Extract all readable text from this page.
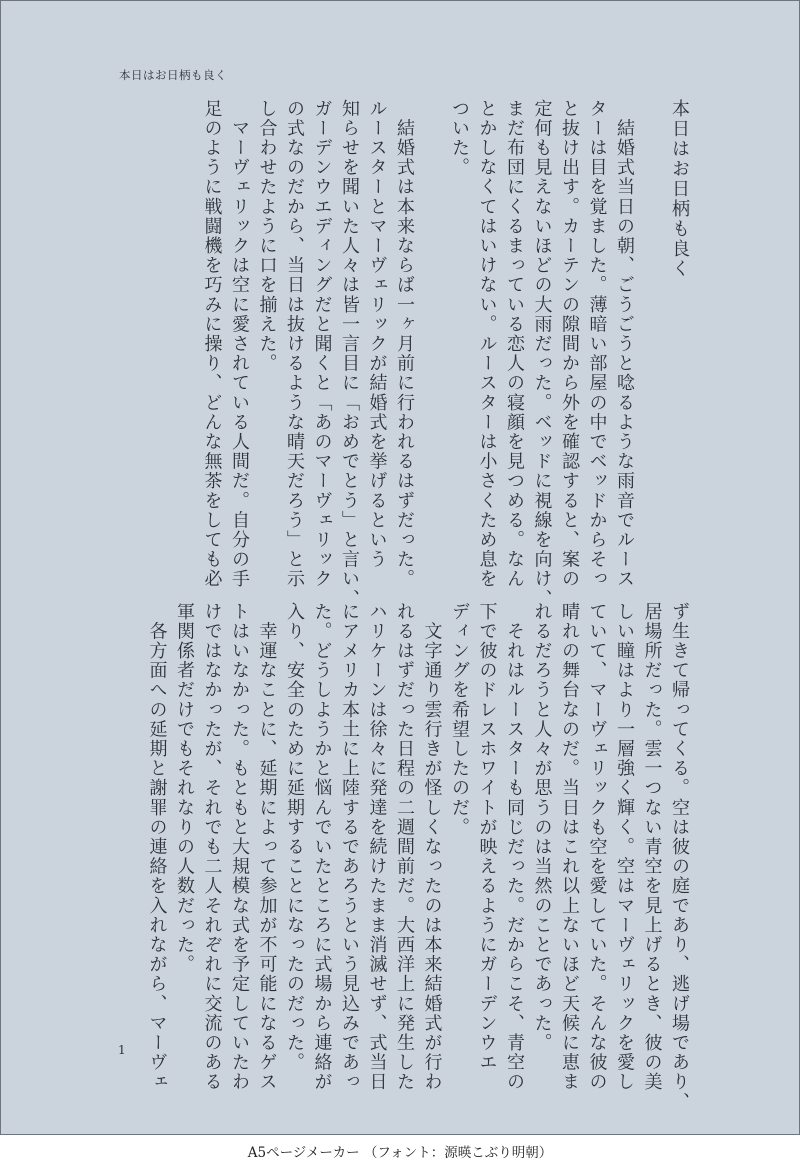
本日はお日柄も良く

本日はお日柄も良く

　結婚式当日の朝、ごうごうと唸るような雨音でルース

ターは目を覚ました。薄暗い部屋の中でベッドからそっ

と抜け出す。カーテンの隙間から外を確認すると、案の

定何も見えないほどの大雨だった。ベッドに視線を向け、

まだ布団にくるまっている恋人の寝顔を見つめる。なん

とかしなくてはいけない。ルースターは小さくため息を

ついた。

　結婚式は本来ならば一ヶ月前に行われるはずだった。

ルースターとマーヴェリックが結婚式を挙げるという

知らせを聞いた人々は皆一言目に「おめでとう」と言い、

ガーデンウエディングだと聞くと「あのマーヴェリック

の式なのだから、当日は抜けるような晴天だろう」と示

し合わせたように口を揃えた。

　マーヴェリックは空に愛されている人間だ。自分の手

足のように戦闘機を巧みに操り、どんな無茶をしても必

ず生きて帰ってくる。空は彼の庭であり、逃げ場であり、

居場所だった。雲一つない青空を見上げるとき、彼の美

しい瞳はより一層強く輝く。空はマーヴェリックを愛し

ていて、マーヴェリックも空を愛していた。そんな彼の

晴れの舞台なのだ。当日はこれ以上ないほど天候に恵ま

れるだろうと人々が思うのは当然のことであった。

　それはルースターも同じだった。だからこそ、青空の

下で彼のドレスホワイトが映えるようにガーデンウエ

ディングを希望したのだ。

　文字通り雲行きが怪しくなったのは本来結婚式が行わ

れるはずだった日程の二週間前だ。大西洋上に発生した

ハリケーンは徐々に発達を続けたまま消滅せず、式当日

にアメリカ本土に上陸するであろうという見込みであっ

た。どうしようかと悩んでいたところに式場から連絡が

入り、安全のために延期することになったのだった。

　幸運なことに、延期によって参加が不可能になるゲス

トはいなかった。もともと大規模な式を予定していたわ

けではなかったが、それでも二人それぞれに交流のある

軍関係者だけでもそれなりの人数だった。

　各方面への延期と謝罪の連絡を入れながら、マーヴェ

1
A5ページメーカー （フォント：源暎こぶり明朝）
